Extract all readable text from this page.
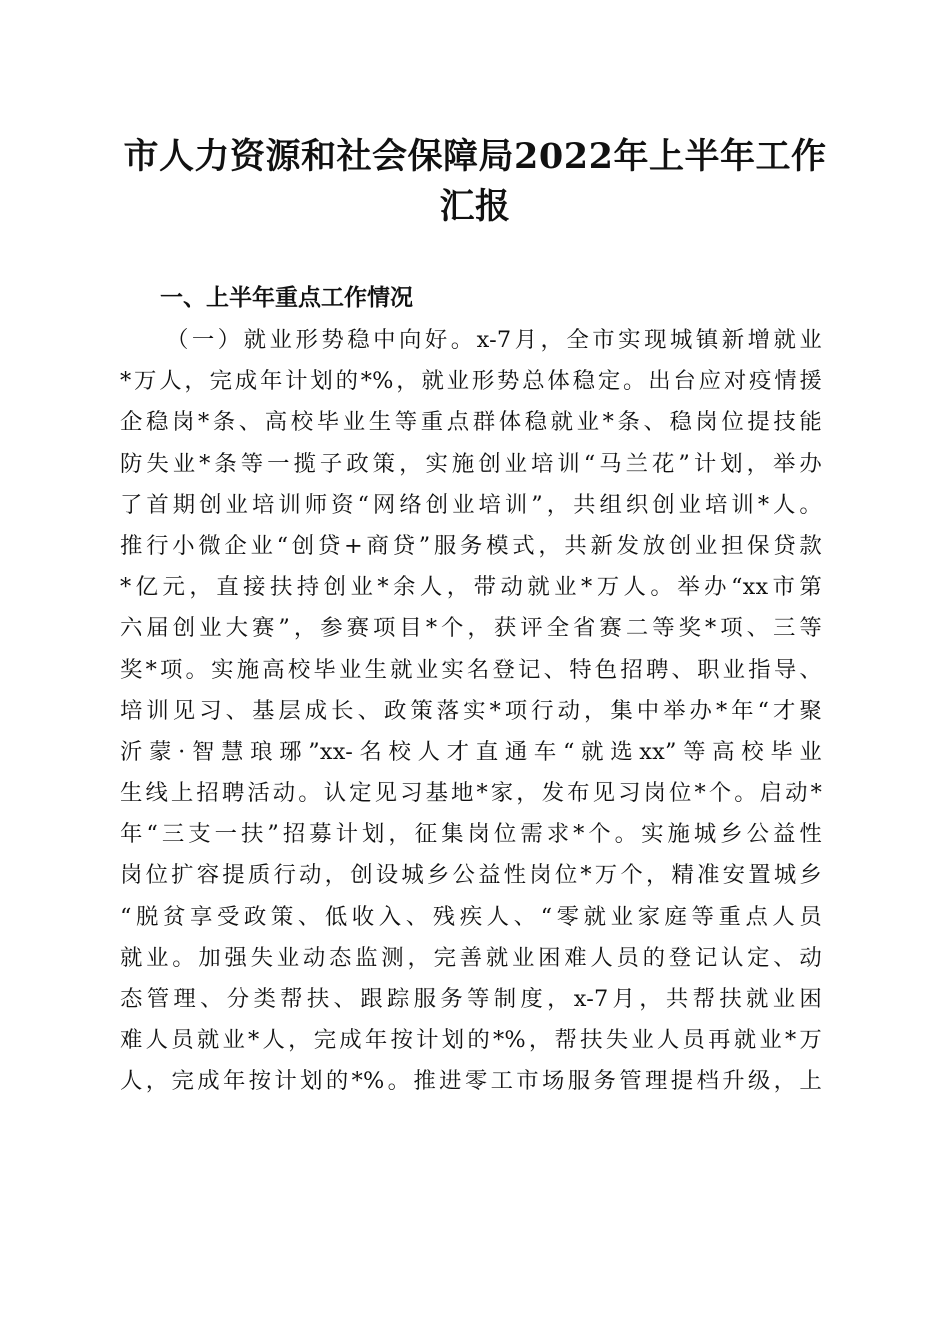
市人力资源和社会保障局2022年上半年工作
汇报
一、上半年重点工作情况
（一）就业形势稳中向好。x-7月，全市实现城镇新增就业
*万人，完成年计划的*%，就业形势总体稳定。出台应对疫情援
企稳岗*条、高校毕业生等重点群体稳就业*条、稳岗位提技能
防失业*条等一揽子政策，实施创业培训“马兰花”计划，举办
了首期创业培训师资“网络创业培训”，共组织创业培训*人。
推行小微企业“创贷+商贷”服务模式，共新发放创业担保贷款
*亿元，直接扶持创业*余人，带动就业*万人。举办“xx市第
六届创业大赛”，参赛项目*个，获评全省赛二等奖*项、三等
奖*项。实施高校毕业生就业实名登记、特色招聘、职业指导、
培训见习、基层成长、政策落实*项行动，集中举办*年“才聚
沂蒙·智慧琅琊”xx-名校人才直通车“就选xx”等高校毕业
生线上招聘活动。认定见习基地*家，发布见习岗位*个。启动*
年“三支一扶”招募计划，征集岗位需求*个。实施城乡公益性
岗位扩容提质行动，创设城乡公益性岗位*万个，精准安置城乡
“脱贫享受政策、低收入、残疾人、“零就业家庭等重点人员
就业。加强失业动态监测，完善就业困难人员的登记认定、动
态管理、分类帮扶、跟踪服务等制度，x-7月，共帮扶就业困
难人员就业*人，完成年按计划的*%，帮扶失业人员再就业*万
人，完成年按计划的*%。推进零工市场服务管理提档升级，上
